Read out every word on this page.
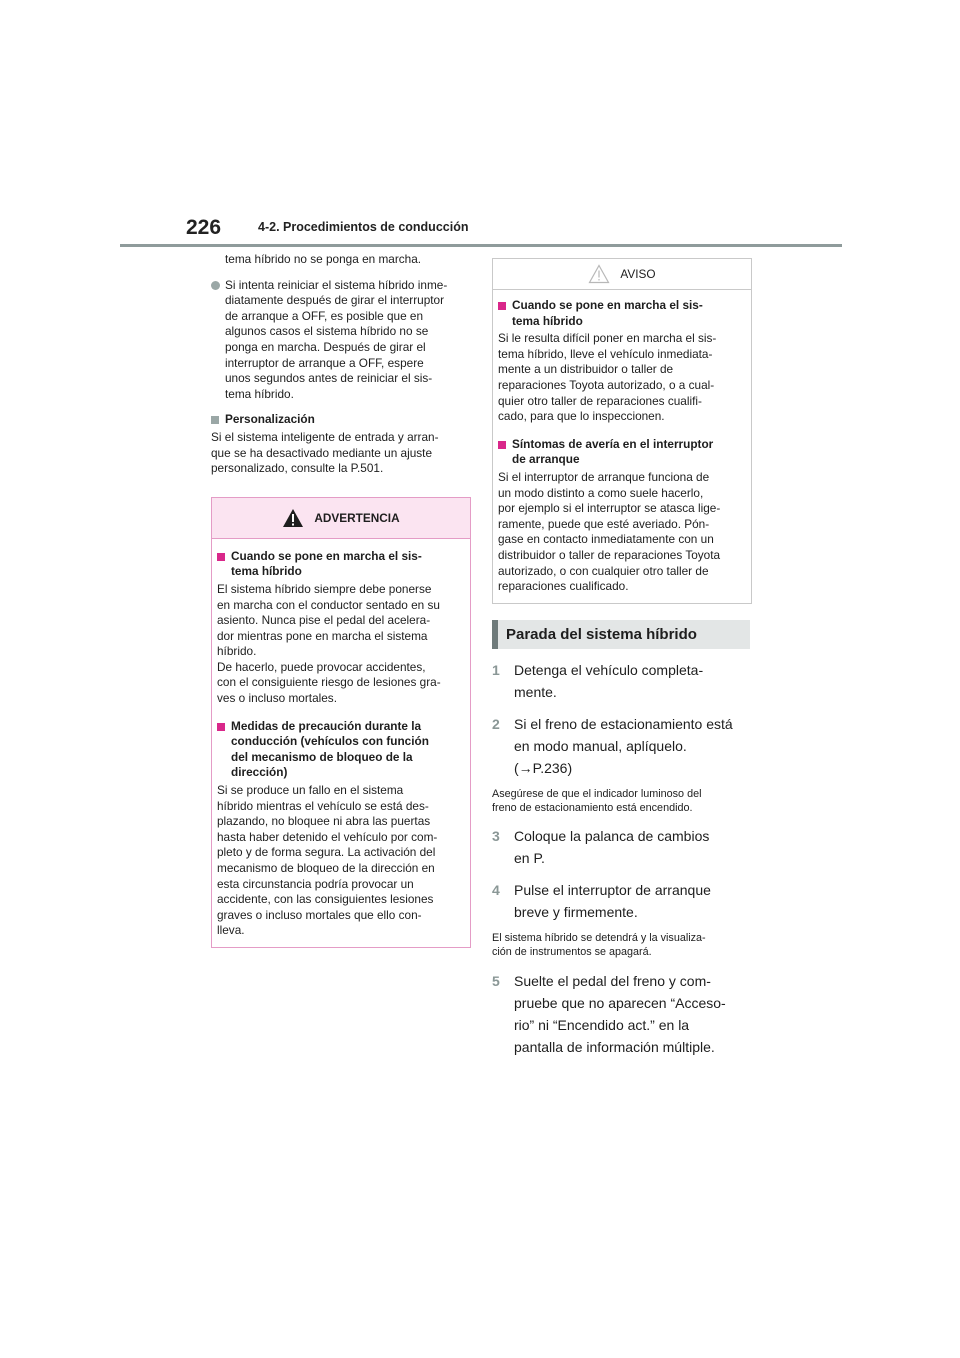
226	4-2. Procedimientos de conducción

tema híbrido no se ponga en marcha.

Si intenta reiniciar el sistema híbrido inme-
diatamente después de girar el interruptor
de arranque a OFF, es posible que en
algunos casos el sistema híbrido no se
ponga en marcha. Después de girar el
interruptor de arranque a OFF, espere
unos segundos antes de reiniciar el sis-
tema híbrido.

Personalización

Si el sistema inteligente de entrada y arran-
que se ha desactivado mediante un ajuste
personalizado, consulte la P.501.

ADVERTENCIA
Cuando se pone en marcha el sis-
tema híbrido

El sistema híbrido siempre debe ponerse
en marcha con el conductor sentado en su
asiento. Nunca pise el pedal del acelera-
dor mientras pone en marcha el sistema
híbrido.
De hacerlo, puede provocar accidentes,
con el consiguiente riesgo de lesiones gra-
ves o incluso mortales.

Medidas de precaución durante la
conducción (vehículos con función
del mecanismo de bloqueo de la
dirección)

Si se produce un fallo en el sistema
híbrido mientras el vehículo se está des-
plazando, no bloquee ni abra las puertas
hasta haber detenido el vehículo por com-
pleto y de forma segura. La activación del
mecanismo de bloqueo de la dirección en
esta circunstancia podría provocar un
accidente, con las consiguientes lesiones
graves o incluso mortales que ello con-
lleva.

AVISO
Cuando se pone en marcha el sis-
tema híbrido

Si le resulta difícil poner en marcha el sis-
tema híbrido, lleve el vehículo inmediata-
mente a un distribuidor o taller de
reparaciones Toyota autorizado, o a cual-
quier otro taller de reparaciones cualifi-
cado, para que lo inspeccionen.

Síntomas de avería en el interruptor
de arranque

Si el interruptor de arranque funciona de
un modo distinto a como suele hacerlo,
por ejemplo si el interruptor se atasca lige-
ramente, puede que esté averiado. Pón-
gase en contacto inmediatamente con un
distribuidor o taller de reparaciones Toyota
autorizado, o con cualquier otro taller de
reparaciones cualificado.

Parada del sistema híbrido
1	Detenga el vehículo completa-
mente.
2	Si el freno de estacionamiento está
en modo manual, aplíquelo.
(→P.236)

Asegúrese de que el indicador luminoso del
freno de estacionamiento está encendido.

3	Coloque la palanca de cambios
en P.
4	Pulse el interruptor de arranque
breve y firmemente.

El sistema híbrido se detendrá y la visualiza-
ción de instrumentos se apagará.

5	Suelte el pedal del freno y com-
pruebe que no aparecen “Acceso-
rio” ni “Encendido act.” en la
pantalla de información múltiple.
